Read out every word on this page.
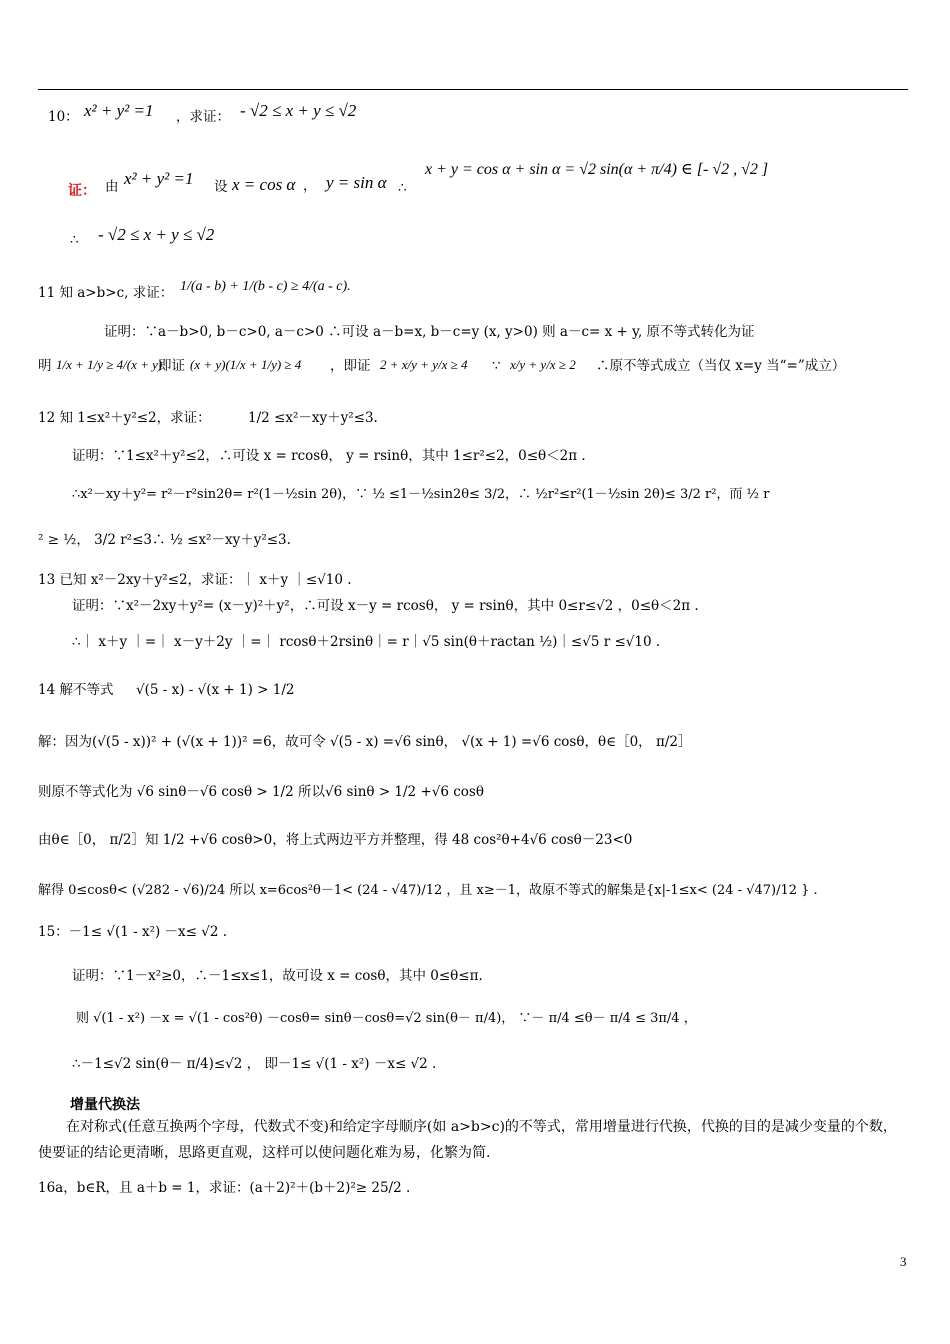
10： x² + y² =1 ，求证： - √2 ≤ x + y ≤ √2
证： 由 x² + y² =1 设 x = cos α ， y = sin α ∴
x + y = cos α + sin α = √2 sin(α + π/4) ∈ [- √2 , √2 ]
∴ - √2 ≤ x + y ≤ √2
11 知 a>b>c, 求证： 1/(a - b) + 1/(b - c) ≥ 4/(a - c).
证明：∵a－b>0, b－c>0, a－c>0 ∴可设 a－b=x, b－c=y (x, y>0) 则 a－c= x + y, 原不等式转化为证
明 1/x + 1/y ≥ 4/(x + y)
即证 (x + y)(1/x + 1/y) ≥ 4 ，即证 2 + x/y + y/x ≥ 4 ∵ x/y + y/x ≥ 2 ∴原不等式成立（当仅 x=y 当“=”成立）
12 知 1≤x²＋y²≤2，求证：	1/2 ≤x²－xy＋y²≤3.
证明：∵1≤x²＋y²≤2，∴可设 x = rcosθ， y = rsinθ，其中 1≤r²≤2，0≤θ＜2π .
∴x²－xy＋y²= r²－r²sin2θ= r²(1－½sin 2θ)，∵ ½ ≤1－½sin2θ≤ 3/2，∴ ½r²≤r²(1－½sin 2θ)≤ 3/2 r²，而 ½ r
² ≥ ½， 3/2 r²≤3∴ ½ ≤x²－xy＋y²≤3.
13 已知 x²－2xy＋y²≤2，求证：｜ x＋y ｜≤√10 .
证明：∵x²－2xy＋y²= (x－y)²＋y²，∴可设 x－y = rcosθ， y = rsinθ，其中 0≤r≤√2 ，0≤θ＜2π .
∴｜ x＋y ｜=｜ x－y＋2y ｜=｜ rcosθ＋2rsinθ｜= r｜√5 sin(θ＋ractan ½)｜≤√5 r ≤√10 .
14 解不等式 √(5 - x) - √(x + 1) > 1/2
解：因为(√(5 - x))² + (√(x + 1))² =6，故可令 √(5 - x) =√6 sinθ， √(x + 1) =√6 cosθ，θ∈［0， π/2］
则原不等式化为 √6 sinθ－√6 cosθ > 1/2 所以√6 sinθ > 1/2 +√6 cosθ
由θ∈［0， π/2］知 1/2 +√6 cosθ>0，将上式两边平方并整理，得 48 cos²θ+4√6 cosθ－23<0
解得 0≤cosθ< (√282 - √6)/24 所以 x=6cos²θ－1< (24 - √47)/12 ，且 x≥－1，故原不等式的解集是{x|-1≤x< (24 - √47)/12 } .
15：－1≤ √(1 - x²) －x≤ √2 .
证明：∵1－x²≥0，∴－1≤x≤1，故可设 x = cosθ，其中 0≤θ≤π.
则 √(1 - x²) －x = √(1 - cos²θ) －cosθ= sinθ－cosθ=√2 sin(θ－ π/4)， ∵－ π/4 ≤θ－ π/4 ≤ 3π/4 ，
∴－1≤√2 sin(θ－ π/4)≤√2 ， 即－1≤ √(1 - x²) －x≤ √2 .
增量代换法
在对称式(任意互换两个字母，代数式不变)和给定字母顺序(如 a>b>c)的不等式，常用增量进行代换，代换的目的是减少变量的个数，使要证的结论更清晰，思路更直观，这样可以使问题化难为易，化繁为简.
16a，b∈R，且 a＋b = 1，求证：(a＋2)²＋(b＋2)²≥ 25/2 .
3
